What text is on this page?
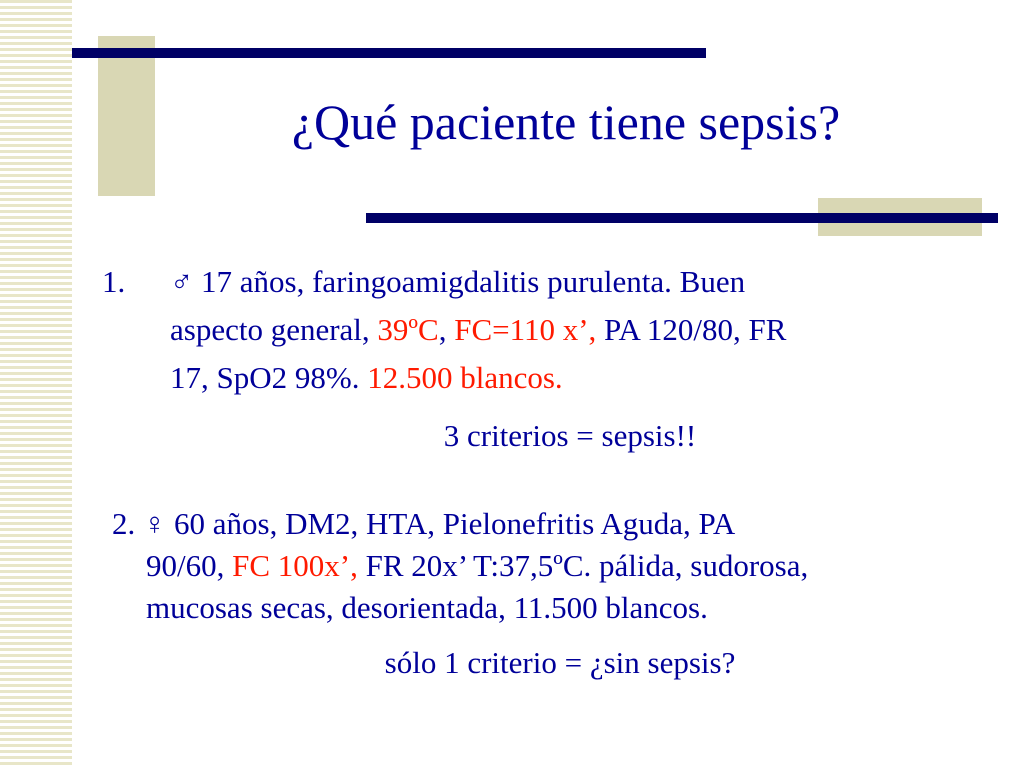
¿Qué paciente tiene sepsis?
1. ♂ 17 años, faringoamigdalitis purulenta. Buen
aspecto general, 39ºC, FC=110 x’, PA 120/80, FR
17, SpO2 98%. 12.500 blancos.
3 criterios = sepsis!!
2. ♀ 60 años, DM2, HTA, Pielonefritis Aguda, PA
90/60, FC 100x’, FR 20x’ T:37,5ºC. pálida, sudorosa,
mucosas secas, desorientada, 11.500 blancos.
sólo 1 criterio = ¿sin sepsis?
